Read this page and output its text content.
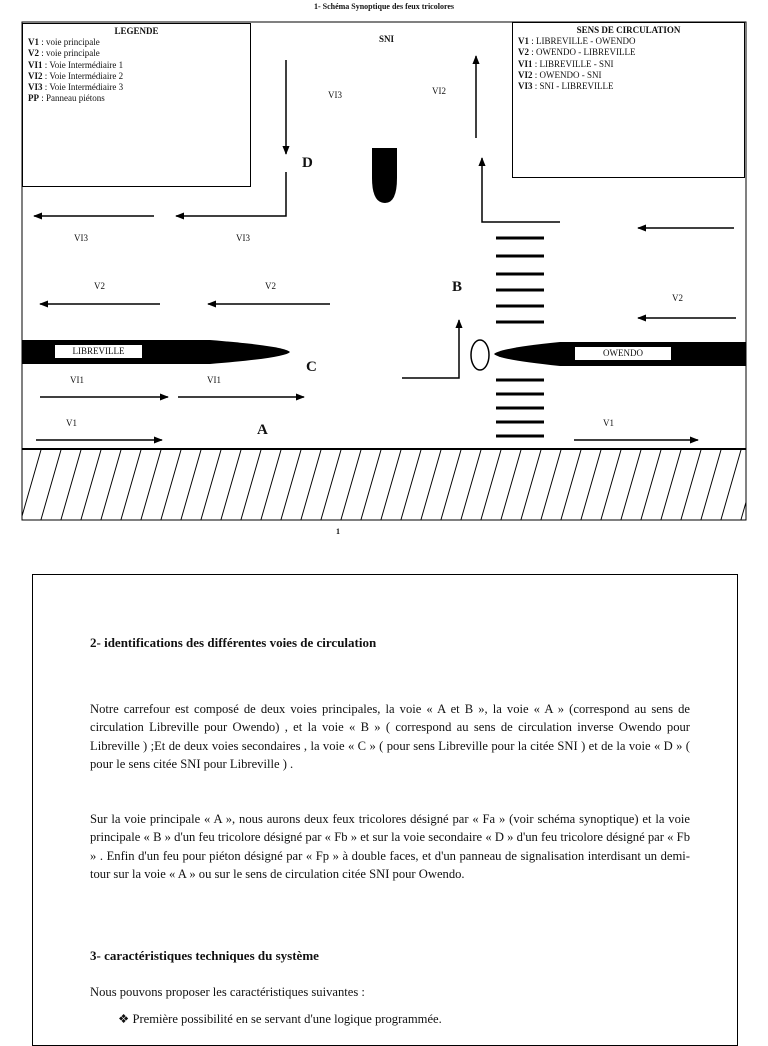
1- Schéma Synoptique des feux tricolores
LEGENDE
V1 : voie principale
V2 : voie principale
VI1 : Voie Intermédiaire 1
VI2 : Voie Intermédiaire 2
VI3 : Voie Intermédiaire 3
PP : Panneau piétons
SENS DE CIRCULATION
V1 : LIBREVILLE - OWENDO
V2 : OWENDO - LIBREVILLE
VI1 : LIBREVILLE - SNI
VI2 : OWENDO - SNI
VI3 : SNI - LIBREVILLE
SNI
VI3	VI2
D
VI3	VI3
V2	V2	B
V2
LIBREVILLE	OWENDO
C
VI1	VI1
V1	A	V1
1
2- identifications des différentes voies de circulation
Notre carrefour est composé de deux voies principales, la voie « A et B », la voie « A » (correspond au sens de circulation Libreville pour Owendo) , et la voie « B » ( correspond au sens de circulation inverse Owendo pour Libreville ) ;Et de deux voies secondaires , la voie « C » ( pour sens Libreville pour la citée SNI ) et de la voie « D » ( pour le sens citée SNI pour Libreville ) .
Sur la voie principale « A », nous aurons deux feux tricolores désigné par « Fa » (voir schéma synoptique) et la voie principale « B » d'un feu tricolore désigné par « Fb » et sur la voie secondaire « D » d'un feu tricolore désigné par « Fb » . Enfin d'un feu pour piéton désigné par « Fp » à double faces, et d'un panneau de signalisation interdisant un demi-tour sur la voie « A » ou sur le sens de circulation citée SNI pour Owendo.
3- caractéristiques techniques du système
Nous pouvons proposer les caractéristiques suivantes :
❖ Première possibilité en se servant d'une logique programmée.
